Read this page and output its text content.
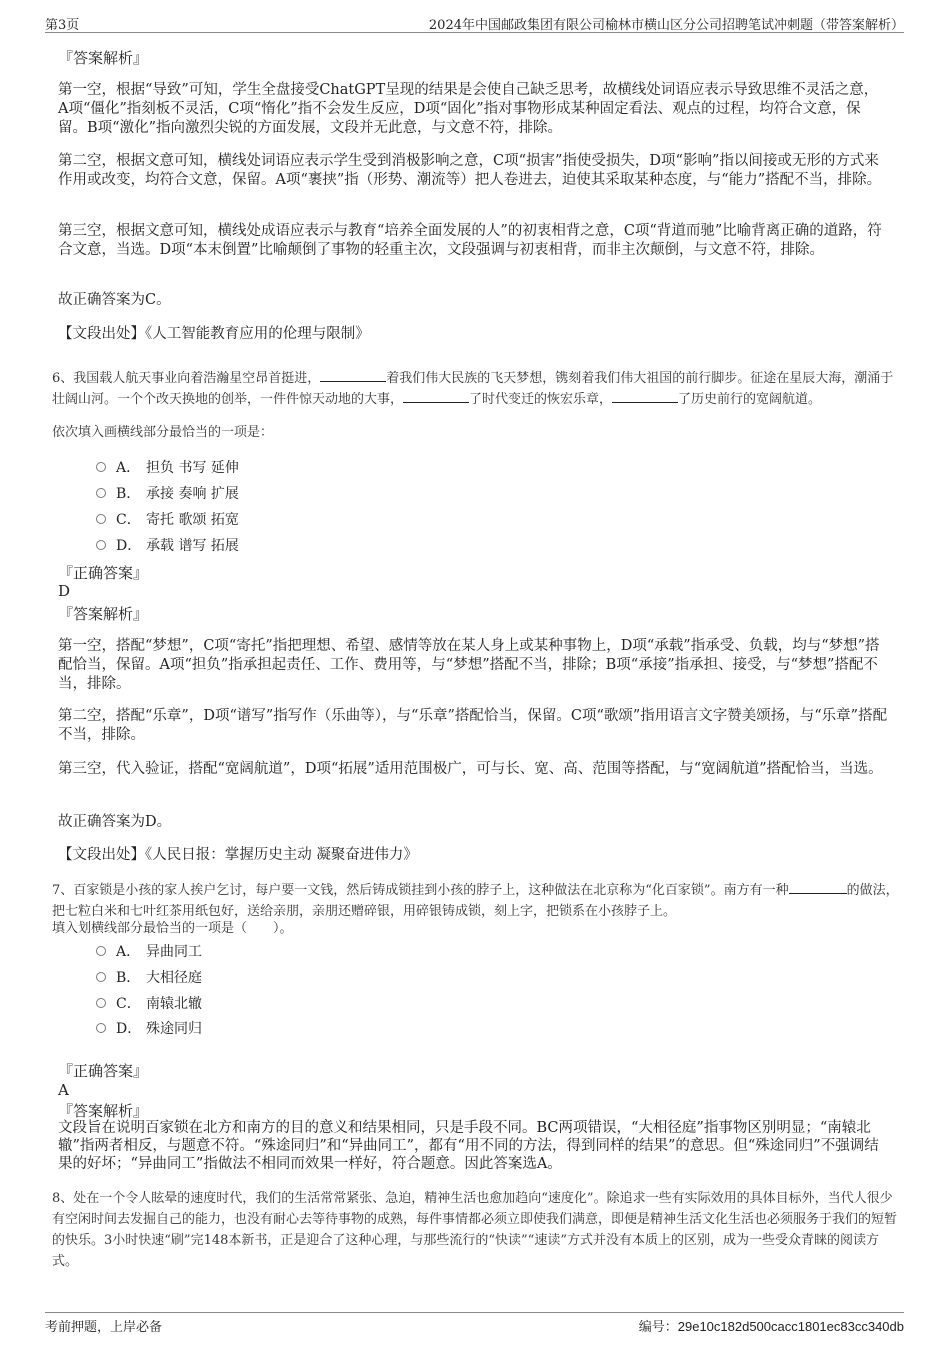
第3页	2024年中国邮政集团有限公司榆林市横山区分公司招聘笔试冲刺题（带答案解析）
『答案解析』

第一空，根据“导致”可知，学生全盘接受ChatGPT呈现的结果是会使自己缺乏思考，故横线处词语应表示导致思维不灵活之意，A项“僵化”指刻板不灵活，C项“惰化”指不会发生反应，D项“固化”指对事物形成某种固定看法、观点的过程，均符合文意，保留。B项“激化”指向激烈尖锐的方面发展，文段并无此意，与文意不符，排除。

第二空，根据文意可知，横线处词语应表示学生受到消极影响之意，C项“损害”指使受损失，D项“影响”指以间接或无形的方式来作用或改变，均符合文意，保留。A项“裹挟”指（形势、潮流等）把人卷进去，迫使其采取某种态度，与“能力”搭配不当，排除。

第三空，根据文意可知，横线处成语应表示与教育“培养全面发展的人”的初衷相背之意，C项“背道而驰”比喻背离正确的道路，符合文意，当选。D项“本末倒置”比喻颠倒了事物的轻重主次，文段强调与初衷相背，而非主次颠倒，与文意不符，排除。

故正确答案为C。

【文段出处】《人工智能教育应用的伦理与限制》

6、我国载人航天事业向着浩瀚星空昂首挺进，	着我们伟大民族的飞天梦想，镌刻着我们伟大祖国的前行脚步。征途在星辰大海，潮涌于壮阔山河。一个个改天换地的创举，一件件惊天动地的大事，	了时代变迁的恢宏乐章，	了历史前行的宽阔航道。

依次填入画横线部分最恰当的一项是：

A． 担负 书写 延伸
B． 承接 奏响 扩展
C． 寄托 歌颂 拓宽
D． 承载 谱写 拓展
『正确答案』
D
『答案解析』

第一空，搭配“梦想”，C项“寄托”指把理想、希望、感情等放在某人身上或某种事物上，D项“承载”指承受、负载，均与“梦想”搭配恰当，保留。A项“担负”指承担起责任、工作、费用等，与“梦想”搭配不当，排除；B项“承接”指承担、接受，与“梦想”搭配不当，排除。

第二空，搭配“乐章”，D项“谱写”指写作（乐曲等），与“乐章”搭配恰当，保留。C项“歌颂”指用语言文字赞美颂扬，与“乐章”搭配不当，排除。

第三空，代入验证，搭配“宽阔航道”，D项“拓展”适用范围极广，可与长、宽、高、范围等搭配，与“宽阔航道”搭配恰当，当选。

故正确答案为D。

【文段出处】《人民日报：掌握历史主动 凝聚奋进伟力》

7、百家锁是小孩的家人挨户乞讨，每户要一文钱，然后铸成锁挂到小孩的脖子上，这种做法在北京称为“化百家锁”。南方有一种	的做法，把七粒白米和七叶红茶用纸包好，送给亲朋，亲朋还赠碎银，用碎银铸成锁，刻上字，把锁系在小孩脖子上。

填入划横线部分最恰当的一项是（　　）。

A． 异曲同工
B． 大相径庭
C． 南辕北辙
D． 殊途同归
『正确答案』
A
『答案解析』

文段旨在说明百家锁在北方和南方的目的意义和结果相同，只是手段不同。BC两项错误，“大相径庭”指事物区别明显；“南辕北辙”指两者相反，与题意不符。“殊途同归”和“异曲同工”，都有“用不同的方法，得到同样的结果”的意思。但“殊途同归”不强调结果的好坏；“异曲同工”指做法不相同而效果一样好，符合题意。因此答案选A。

8、处在一个令人眩晕的速度时代，我们的生活常常紧张、急迫，精神生活也愈加趋向“速度化”。除追求一些有实际效用的具体目标外，当代人很少有空闲时间去发掘自己的能力，也没有耐心去等待事物的成熟，每件事情都必须立即使我们满意，即便是精神生活文化生活也必须服务于我们的短暂的快乐。3小时快速“刷”完148本新书，正是迎合了这种心理，与那些流行的“快读”“速读”方式并没有本质上的区别，成为一些受众青睐的阅读方式。

考前押题，上岸必备	编号：29e10c182d500cacc1801ec83cc340db
